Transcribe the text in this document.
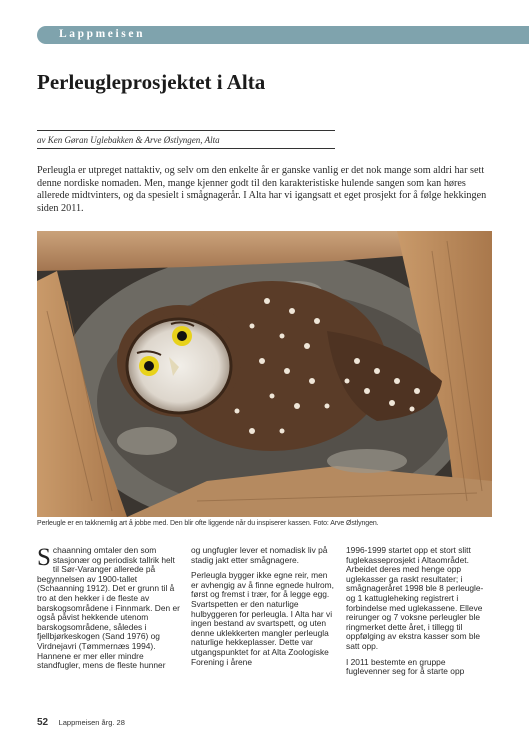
Lappmeisen
Perleugleprosjektet i Alta
av Ken Gøran Uglebakken & Arve Østlyngen, Alta
Perleugla er utpreget nattaktiv, og selv om den enkelte år er ganske vanlig er det nok mange som aldri har sett denne nordiske nomaden. Men, mange kjenner godt til den karakteristiske hulende sangen som kan høres allerede midtvinters, og da spesielt i smågnagerår. I Alta har vi igangsatt et eget prosjekt for å følge hekkingen siden 2011.
Perleugle er en takknemlig art å jobbe med. Den blir ofte liggende når du inspiserer kassen. Foto: Arve Østlyngen.

S chaanning omtaler den som stasjonær og periodisk tallrik helt til Sør-Varanger allerede på begynnelsen av 1900-tallet (Schaanning 1912). Det er grunn til å tro at den hekker i de fleste av barskogsområdene i Finnmark. Den er også påvist hekkende utenom barskogsområdene, således i fjellbjørkeskogen (Sand 1976) og Virdnejavri (Tømmernæs 1994). Hannene er mer eller mindre standfugler, mens de fleste hunner

og ungfugler lever et nomadisk liv på stadig jakt etter smågnagere.

Perleugla bygger ikke egne reir, men er avhengig av å finne egnede hulrom, først og fremst i trær, for å legge egg. Svartspetten er den naturlige hulbyggeren for perleugla. I Alta har vi ingen bestand av svartspett, og uten denne uklekkerten mangler perleugla naturlige hekkeplasser. Dette var utgangspunktet for at Alta Zoologiske Forening i årene

1996-1999 startet opp et stort slitt fuglekasseprosjekt i Altaområdet. Arbeidet deres med henge opp uglekasser ga raskt resultater; i smågnageråret 1998 ble 8 perleugle- og 1 kattugleheking registrert i forbindelse med uglekassene. Elleve reirunger og 7 voksne perleugler ble ringmerket dette året, i tillegg til oppfølging av ekstra kasser som ble satt opp.

I 2011 bestemte en gruppe fuglevenner seg for å starte opp

52 Lappmeisen årg. 28
